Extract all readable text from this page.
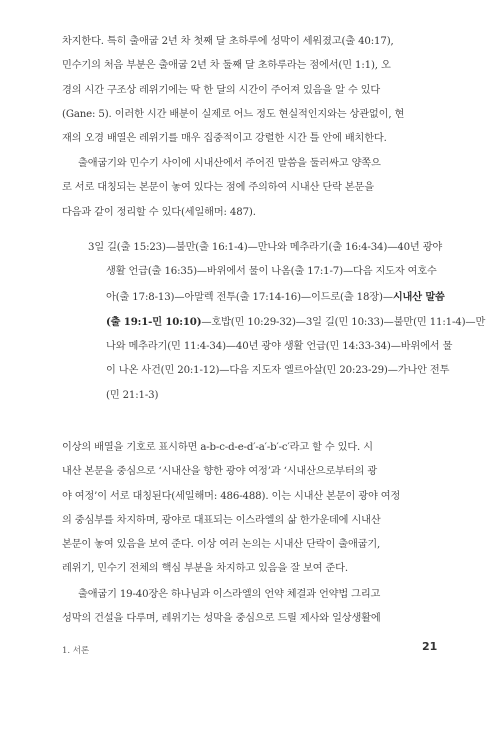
차지한다. 특히 출애굽 2년 차 첫째 달 초하루에 성막이 세워졌고(출 40:17),
민수기의 처음 부분은 출애굽 2년 차 둘째 달 초하루라는 점에서(민 1:1), 오
경의 시간 구조상 레위기에는 딱 한 달의 시간이 주어져 있음을 알 수 있다
(Gane: 5). 이러한 시간 배분이 실제로 어느 정도 현실적인지와는 상관없이, 현
재의 오경 배열은 레위기를 매우 집중적이고 강렬한 시간 틀 안에 배치한다.
출애굽기와 민수기 사이에 시내산에서 주어진 말씀을 둘러싸고 양쪽으
로 서로 대칭되는 본문이 놓여 있다는 점에 주의하여 시내산 단락 본문을
다음과 같이 정리할 수 있다(세일해머: 487).
3일 길(출 15:23)—불만(출 16:1-4)—만나와 메추라기(출 16:4-34)—40년 광야
생활 언급(출 16:35)—바위에서 물이 나옴(출 17:1-7)—다음 지도자 여호수
아(출 17:8-13)—아말렉 전투(출 17:14-16)—이드로(출 18장)—시내산 말씀
(출 19:1-민 10:10)—호밥(민 10:29-32)—3일 길(민 10:33)—불만(민 11:1-4)—만
나와 메추라기(민 11:4-34)—40년 광야 생활 언급(민 14:33-34)—바위에서 물
이 나온 사건(민 20:1-12)—다음 지도자 엘르아살(민 20:23-29)—가나안 전투
(민 21:1-3)
이상의 배열을 기호로 표시하면 a-b-c-d-e-d′-a′-b′-c′라고 할 수 있다. 시
내산 본문을 중심으로 ‘시내산을 향한 광야 여정’과 ‘시내산으로부터의 광
야 여정’이 서로 대칭된다(세일해머: 486-488). 이는 시내산 본문이 광야 여정
의 중심부를 차지하며, 광야로 대표되는 이스라엘의 삶 한가운데에 시내산
본문이 놓여 있음을 보여 준다. 이상 여러 논의는 시내산 단락이 출애굽기,
레위기, 민수기 전체의 핵심 부분을 차지하고 있음을 잘 보여 준다.
출애굽기 19-40장은 하나님과 이스라엘의 언약 체결과 언약법 그리고
성막의 건설을 다루며, 레위기는 성막을 중심으로 드릴 제사와 일상생활에
1. 서론	21
